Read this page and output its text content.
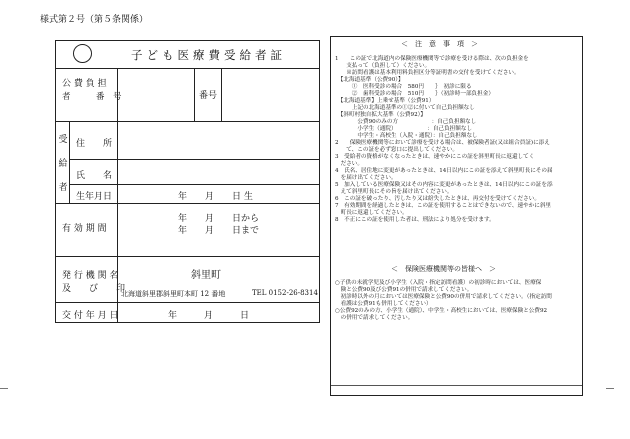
様式第２号（第５条関係）
子ども医療費受給者証
公 費 負 担
者　　　番　号	番号
受
給
者
住　　所
氏　　名
生年月日	年　　月　　日 生
有 効 期 間
年　　月　　日から
年　　月　　日まで
発 行 機 関 名
及　　び　　印
斜里町
北海道斜里郡斜里町本町 12 番地	TEL 0152-26-8314
交 付 年 月 日	年　　　月　　　日
＜　注　意　事　項　＞
1　　この証で北海道内の保険医療機関等で診療を受ける際は、次の負担金を
　　支払って（負担して）ください。
　　※訪問看護は基本利用料負担区分等証明書の交付を受けてください。
　【北海道基準（公費90）】
　　　①　医科受診の場合　580円　　｝　初診に限る
　　　②　歯科受診の場合　510円　　｝（初診時一部負担金）
　【北海道基準】上乗せ基準（公費91）
　　　上記の北海道基準の①②に付いて自己負担額なし
　【斜町村独自拡大基準（公費92）】
　　　　公費90のみの方　　　　　　：自己負担額なし
　　　　小学生（通院）　　　　　　：自己負担額なし
　　　　中学生・高校生（入院・通院）：自己負担額なし
2　　保険医療機関等において診療を受ける場合は、被保険者証(又は組合員証)に添え
　　て、この証を必ず窓口に提出してください。
3　受給者の資格がなくなったときは、速やかにこの証を斜里町長に返還してく
　ださい。
4　氏名、居住地に変更があったときは、14日以内にこの証を添えて斜里町長にその届
　を届け出てください。
5　加入している医療保険又はその内容に変更があったときは、14日以内にこの証を添
　えて斜里町長にその旨を届け出てください。
6　この証を破ったり、汚したり又は紛失したときは、再交付を受けてください。
7　有効期間を経過したときは、この証を使用することはできないので、速やかに斜里
　町長に返還してください。
8　不正にこの証を使用した者は、刑法により処分を受けます。
＜　保険医療機関等の皆様へ　＞
○子供の未就学児及び小学生（入院・指定訪問看護）の初診時においては、医療保
　険と公費90及び公費91の併用で請求してください。
　初診時以外の月においては医療保険と公費90の併用で請求してください。（指定訪問
　看護は公費91も併用してください）
○公費92のみの方、小学生（通院）、中学生・高校生においては、医療保険と公費92
　の併用で請求してください。
